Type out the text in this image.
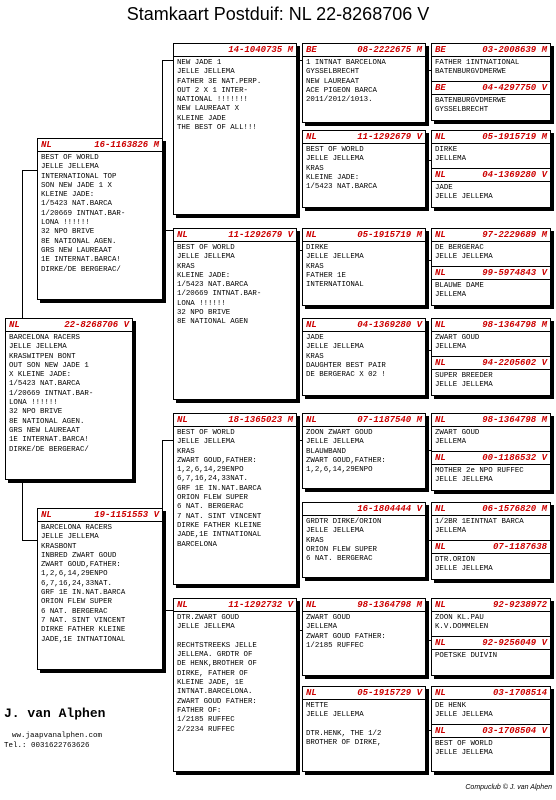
Stamkaart Postduif: NL 22-8268706 V
NL	22-8268706 V
BARCELONA RACERS
JELLE JELLEMA
KRASWITPEN BONT
OUT SON NEW JADE 1
X KLEINE JADE:
1/5423 NAT.BARCA
1/20669 INTNAT.BAR-
LONA !!!!!!
32 NPO BRIVE
8E NATIONAL AGEN.
GRS NEW LAUREAAT
1E INTERNAT.BARCA!
DIRKE/DE BERGERAC/
NL	16-1163826 M
BEST OF WORLD
JELLE JELLEMA
INTERNATIONAL TOP
SON NEW JADE 1 X
KLEINE JADE:
1/5423 NAT.BARCA
1/20669 INTNAT.BAR-
LONA !!!!!!
32 NPO BRIVE
8E NATIONAL AGEN.
GRS NEW LAUREAAT
1E INTERNAT.BARCA!
DIRKE/DE BERGERAC/
NL	19-1151553 V
BARCELONA RACERS
JELLE JELLEMA
KRASBONT
INBRED ZWART GOUD
ZWART GOUD,FATHER:
1,2,6,14,29ENPO
6,7,16,24,33NAT.
GRF 1E IN.NAT.BARCA
ORION FLEW SUPER
6 NAT. BERGERAC
7 NAT. SINT VINCENT
DIRKE FATHER KLEINE
JADE,1E INTNATIONAL
14-1040735 M
NEW JADE 1
JELLE JELLEMA
FATHER 3E NAT.PERP.
OUT 2 X 1 INTER-
NATIONAL !!!!!!!
NEW LAUREAAT X
KLEINE JADE
THE BEST OF ALL!!!
NL	11-1292679 V
BEST OF WORLD
JELLE JELLEMA
KRAS
KLEINE JADE:
1/5423 NAT.BARCA
1/20669 INTNAT.BAR-
LONA !!!!!!
32 NPO BRIVE
8E NATIONAL AGEN
NL	18-1365023 M
BEST OF WORLD
JELLE JELLEMA
KRAS
ZWART GOUD,FATHER:
1,2,6,14,29ENPO
6,7,16,24,33NAT.
GRF 1E IN.NAT.BARCA
ORION FLEW SUPER
6 NAT. BERGERAC
7 NAT. SINT VINCENT
DIRKE FATHER KLEINE
JADE,1E INTNATIONAL
BARCELONA
NL	11-1292732 V
DTR.ZWART GOUD
JELLE JELLEMA

RECHTSTREEKS JELLE
JELLEMA. GRDTR OF
DE HENK,BROTHER OF
DIRKE, FATHER OF
KLEINE JADE, 1E
INTNAT.BARCELONA.
ZWART GOUD FATHER:
FATHER OF:
1/2185 RUFFEC
2/2234 RUFFEC
BE	08-2222675 M
1 INTNAT BARCELONA
GYSSELBRECHT
NEW LAUREAAT
ACE PIGEON BARCA
2011/2012/1013.
NL	11-1292679 V
BEST OF WORLD
JELLE JELLEMA
KRAS
KLEINE JADE:
1/5423 NAT.BARCA
NL	05-1915719 M
DIRKE
JELLE JELLEMA
KRAS
FATHER 1E
INTERNATIONAL
NL	04-1369280 V
JADE
JELLE JELLEMA
KRAS
DAUGHTER BEST PAIR
DE BERGERAC X 02 !
NL	07-1187540 M
ZOON ZWART GOUD
JELLE JELLEMA
BLAUWBAND
ZWART GOUD,FATHER:
1,2,6,14,29ENPO
16-1804444 V
GRDTR DIRKE/ORION
JELLE JELLEMA
KRAS
ORION FLEW SUPER
6 NAT. BERGERAC
NL	98-1364798 M
ZWART GOUD
JELLEMA
ZWART GOUD FATHER:
1/2185 RUFFEC
NL	05-1915729 V
METTE
JELLE JELLEMA

DTR.HENK, THE 1/2
BROTHER OF DIRKE,
BE	03-2008639 M
FATHER 1INTNATIONAL
BATENBURGVDMERWE
BE	04-4297750 V
BATENBURGVDMERWE
GYSSELBRECHT
NL	05-1915719 M
DIRKE
JELLEMA
NL	04-1369280 V
JADE
JELLE JELLEMA
NL	97-2229689 M
DE BERGERAC
JELLE JELLEMA
NL	99-5974843 V
BLAUWE DAME
JELLEMA
NL	98-1364798 M
ZWART GOUD
JELLEMA
NL	94-2205602 V
SUPER BREEDER
JELLE JELLEMA
NL	98-1364798 M
ZWART GOUD
JELLEMA
NL	00-1186532 V
MOTHER 2e NPO RUFFEC
JELLE JELLEMA
NL	06-1576820 M
1/2BR 1EINTNAT BARCA
JELLEMA
NL	07-1187638
DTR.ORION
JELLE JELLEMA
NL	92-9238972
ZOON KL.PAU
K.V.DOMMELEN
NL	92-9256049 V
POETSKE DUIVIN
NL	03-1708514
DE HENK
JELLE JELLEMA
NL	03-1708504 V
BEST OF WORLD
JELLE JELLEMA
J. van Alphen
ww.jaapvanalphen.com
Tel.: 0031622763626
Compuclub © J. van Alphen
